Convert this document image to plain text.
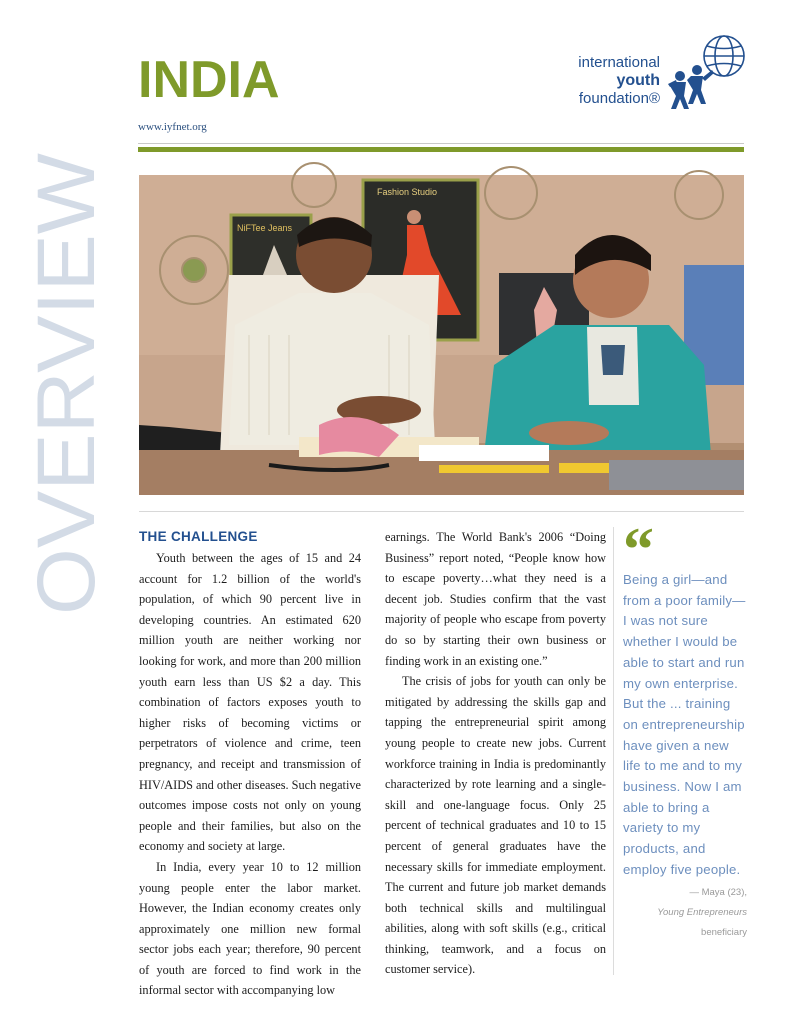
OVERVIEW
INDIA
www.iyfnet.org
international
youth
foundation®
NiFTee Jeans
Fashion Studio
THE CHALLENGE

Youth between the ages of 15 and 24 account for 1.2 billion of the world's population, of which 90 percent live in developing countries. An estimated 620 million youth are neither working nor looking for work, and more than 200 million youth earn less than US $2 a day. This combination of factors exposes youth to higher risks of becoming victims or perpetrators of violence and crime, teen pregnancy, and receipt and transmission of HIV/AIDS and other diseases. Such negative outcomes impose costs not only on young people and their families, but also on the economy and society at large.

In India, every year 10 to 12 million young people enter the labor market. However, the Indian economy creates only approximately one million new formal sector jobs each year; therefore, 90 percent of youth are forced to find work in the informal sector with accompanying low

earnings. The World Bank's 2006 “Doing Business” report noted, “People know how to escape poverty…what they need is a decent job. Studies confirm that the vast majority of people who escape from poverty do so by starting their own business or finding work in an existing one.”

The crisis of jobs for youth can only be mitigated by addressing the skills gap and tapping the entrepreneurial spirit among young people to create new jobs. Current workforce training in India is predominantly characterized by rote learning and a single-skill and one-language focus. Only 25 percent of technical graduates and 10 to 15 percent of general graduates have the necessary skills for immediate employment. The current and future job market demands both technical skills and multilingual abilities, along with soft skills (e.g., critical thinking, teamwork, and a focus on customer service).

“
Being a girl—and from a poor family—I was not sure whether I would be able to start and run my own enterprise. But the ... training on entrepreneurship have given a new life to me and to my business. Now I am able to bring a variety to my products, and employ five people.
— Maya (23),
Young Entrepreneurs
beneficiary
